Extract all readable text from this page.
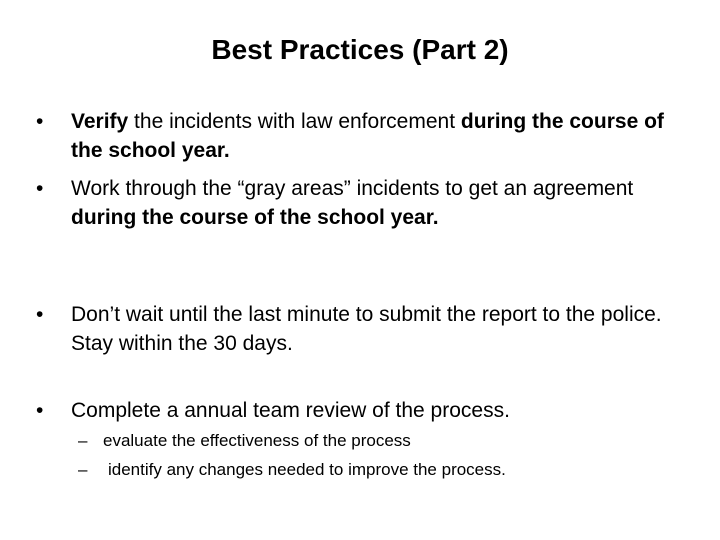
Best Practices (Part 2)
•	Verify the incidents with law enforcement during the course of the school year.
•	Work through the “gray areas” incidents to get an agreement during the course of the school year.
•	Don’t wait until the last minute to submit the report to the police. Stay within the 30 days.
•	Complete a annual team review of the process.
– evaluate the effectiveness of the process
– identify any changes needed to improve the process.
